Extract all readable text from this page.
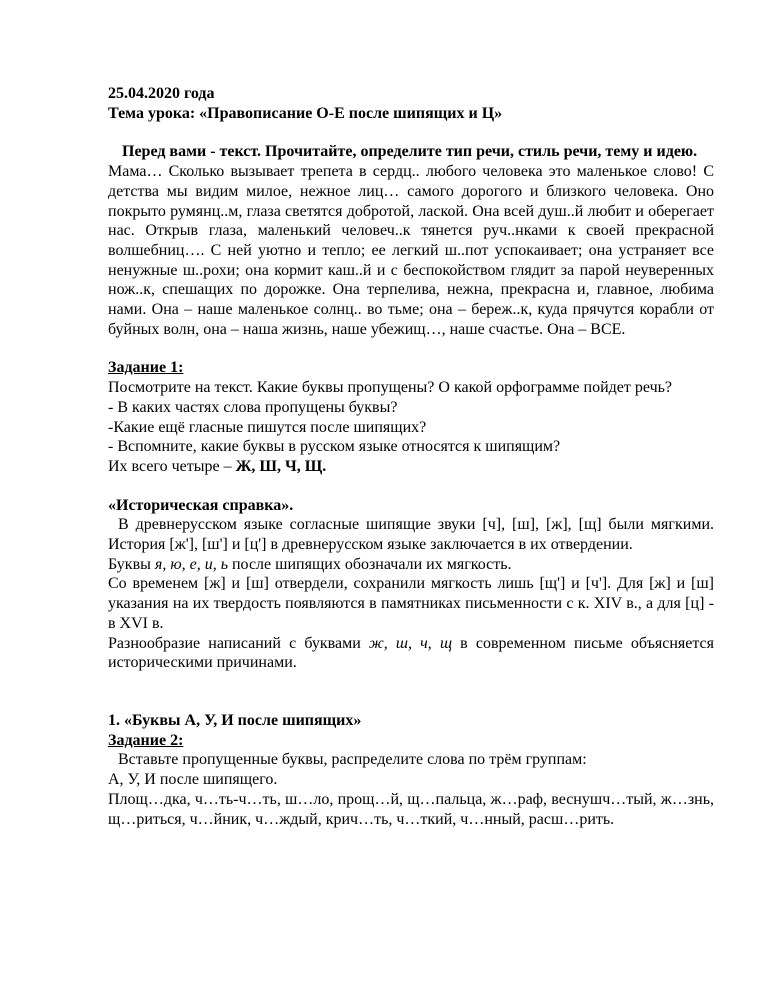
25.04.2020 года

Тема урока: «Правописание О-Е после шипящих и Ц»

Перед вами - текст. Прочитайте, определите тип речи, стиль речи, тему и идею.

Мама… Сколько вызывает трепета в сердц.. любого человека это маленькое слово! С детства мы видим милое, нежное лиц… самого дорогого и близкого человека. Оно покрыто румянц..м, глаза светятся добротой, лаской. Она всей душ..й любит и оберегает нас. Открыв глаза, маленький человеч..к тянется руч..нками к своей прекрасной волшебниц…. С ней уютно и тепло; ее легкий ш..пот успокаивает; она устраняет все ненужные ш..рохи; она кормит каш..й и с беспокойством глядит за парой неуверенных нож..к, спешащих по дорожке. Она терпелива, нежна, прекрасна и, главное, любима нами. Она – наше маленькое солнц.. во тьме; она – береж..к, куда прячутся корабли от буйных волн, она – наша жизнь, наше убежищ…, наше счастье. Она – ВСЕ.

Задание 1:

Посмотрите на текст. Какие буквы пропущены? О какой орфограмме пойдет речь?

- В каких частях слова пропущены буквы?

-Какие ещё гласные пишутся после шипящих?

- Вспомните, какие буквы в русском языке относятся к шипящим?

Их всего четыре – Ж, Ш, Ч, Щ.

«Историческая справка».

В древнерусском языке согласные шипящие звуки [ч], [ш], [ж], [щ] были мягкими. История [ж'], [ш'] и [ц'] в древнерусском языке заключается в их отвердении.

Буквы я, ю, е, и, ь после шипящих обозначали их мягкость.

Со временем [ж] и [ш] отвердели, сохранили мягкость лишь [щ'] и [ч']. Для [ж] и [ш] указания на их твердость появляются в памятниках письменности с к. XIV в., а для [ц] - в XVI в.

Разнообразие написаний с буквами ж, ш, ч, щ в современном письме объясняется историческими причинами.

1. «Буквы А, У, И после шипящих»

Задание 2:

Вставьте пропущенные буквы, распределите слова по трём группам:

А, У, И после шипящего.

Площ…дка, ч…ть-ч…ть, ш…ло, прощ…й, щ…пальца, ж…раф, веснушч…тый, ж…знь, щ…риться, ч…йник, ч…ждый, крич…ть, ч…ткий, ч…нный, расш…рить.
